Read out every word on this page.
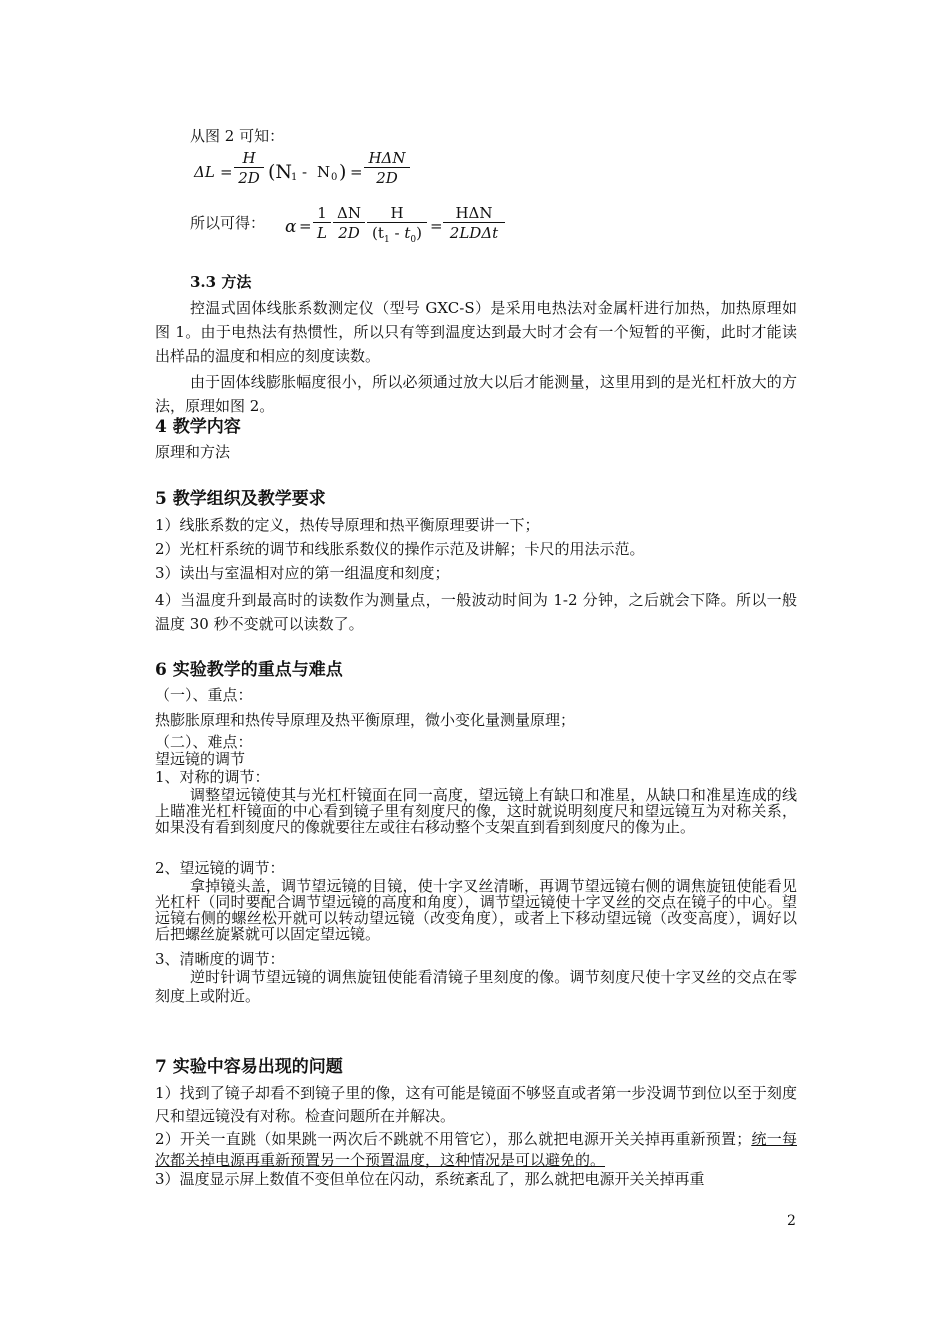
从图 2 可知：
$\Delta L = \frac{H}{2D} (N$
1 - N 0 ) =
HΔN
2D
所以可得： $\alpha = \frac{1}{L} \frac{\Delta N}{2D} \frac{H}{(t_1 - t_0)}$ =
HΔN
2LDΔt
3.3 方法
控温式固体线胀系数测定仪（型号 GXC-S）是采用电热法对金属杆进行加热，加热原理如图 1。由于电热法有热惯性，所以只有等到温度达到最大时才会有一个短暂的平衡，此时才能读出样品的温度和相应的刻度读数。
由于固体线膨胀幅度很小，所以必须通过放大以后才能测量，这里用到的是光杠杆放大的方法，原理如图 2。
4 教学内容
原理和方法
5 教学组织及教学要求
1）线胀系数的定义，热传导原理和热平衡原理要讲一下；
2）光杠杆系统的调节和线胀系数仪的操作示范及讲解；卡尺的用法示范。
3）读出与室温相对应的第一组温度和刻度；
4）当温度升到最高时的读数作为测量点，一般波动时间为 1-2 分钟，之后就会下降。所以一般温度 30 秒不变就可以读数了。
6 实验教学的重点与难点
（一）、重点：
热膨胀原理和热传导原理及热平衡原理，微小变化量测量原理；
（二）、难点：
望远镜的调节
1、对称的调节：
调整望远镜使其与光杠杆镜面在同一高度，望远镜上有缺口和准星，从缺口和准星连成的线上瞄准光杠杆镜面的中心看到镜子里有刻度尺的像，这时就说明刻度尺和望远镜互为对称关系，如果没有看到刻度尺的像就要往左或往右移动整个支架直到看到刻度尺的像为止。
2、望远镜的调节：
拿掉镜头盖，调节望远镜的目镜，使十字叉丝清晰，再调节望远镜右侧的调焦旋钮使能看见光杠杆（同时要配合调节望远镜的高度和角度），调节望远镜使十字叉丝的交点在镜子的中心。望远镜右侧的螺丝松开就可以转动望远镜（改变角度），或者上下移动望远镜（改变高度），调好以后把螺丝旋紧就可以固定望远镜。
3、清晰度的调节：
逆时针调节望远镜的调焦旋钮使能看清镜子里刻度的像。调节刻度尺使十字叉丝的交点在零刻度上或附近。
7 实验中容易出现的问题
1）找到了镜子却看不到镜子里的像，这有可能是镜面不够竖直或者第一步没调节到位以至于刻度尺和望远镜没有对称。检查问题所在并解决。
2）开关一直跳（如果跳一两次后不跳就不用管它），那么就把电源开关关掉再重新预置；统一每次都关掉电源再重新预置另一个预置温度，这种情况是可以避免的。
3）温度显示屏上数值不变但单位在闪动，系统紊乱了，那么就把电源开关关掉再重
2
